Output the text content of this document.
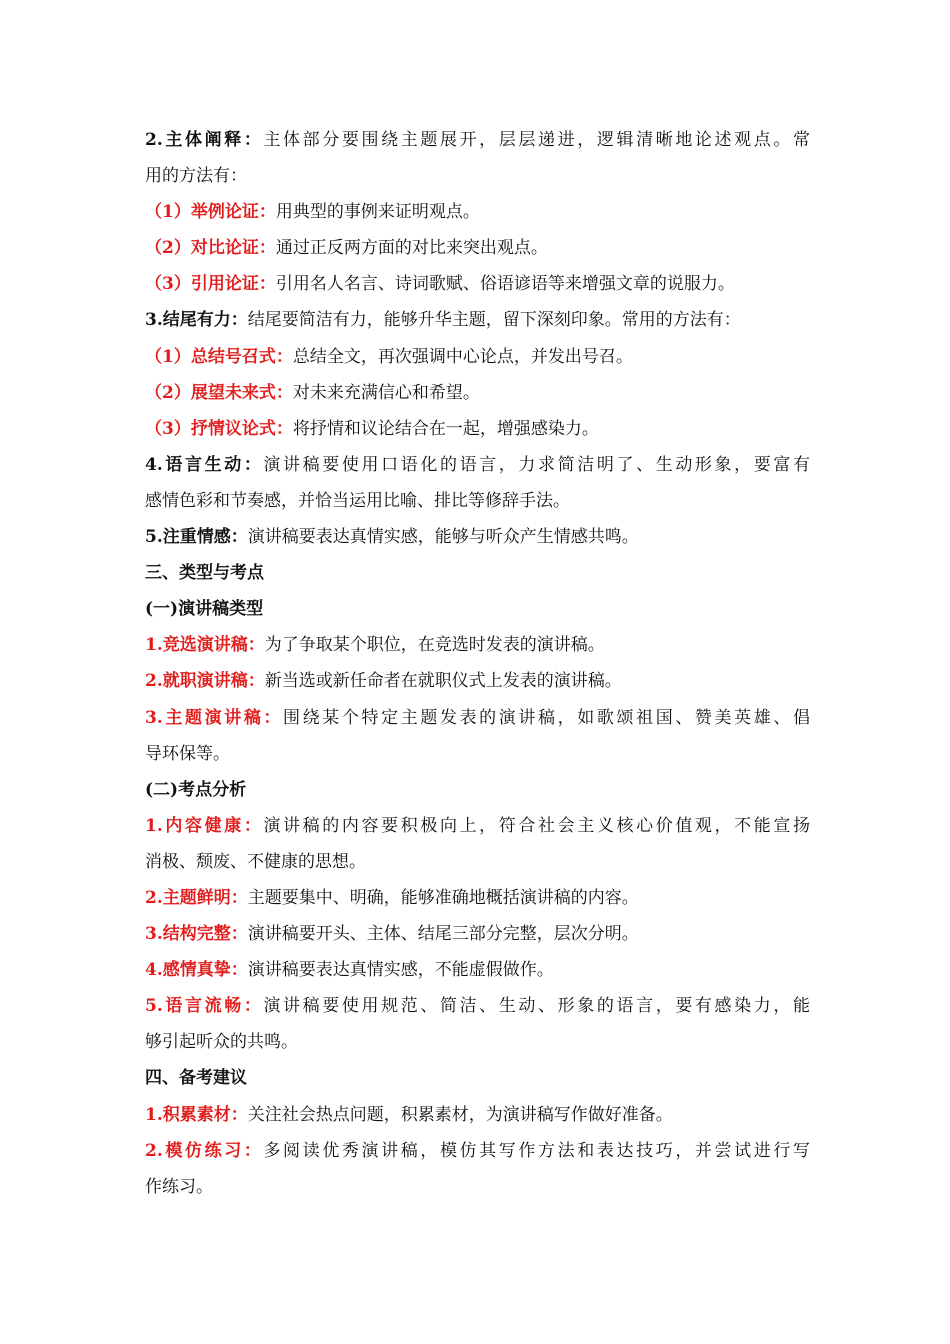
2.主体阐释：主体部分要围绕主题展开，层层递进，逻辑清晰地论述观点。常
用的方法有：
（1）举例论证：用典型的事例来证明观点。
（2）对比论证：通过正反两方面的对比来突出观点。
（3）引用论证：引用名人名言、诗词歌赋、俗语谚语等来增强文章的说服力。
3.结尾有力：结尾要简洁有力，能够升华主题，留下深刻印象。常用的方法有：
（1）总结号召式：总结全文，再次强调中心论点，并发出号召。
（2）展望未来式：对未来充满信心和希望。
（3）抒情议论式：将抒情和议论结合在一起，增强感染力。
4.语言生动：演讲稿要使用口语化的语言，力求简洁明了、生动形象，要富有
感情色彩和节奏感，并恰当运用比喻、排比等修辞手法。
5.注重情感：演讲稿要表达真情实感，能够与听众产生情感共鸣。
三、类型与考点
(一)演讲稿类型
1.竞选演讲稿：为了争取某个职位，在竞选时发表的演讲稿。
2.就职演讲稿：新当选或新任命者在就职仪式上发表的演讲稿。
3.主题演讲稿：围绕某个特定主题发表的演讲稿，如歌颂祖国、赞美英雄、倡
导环保等。
(二)考点分析
1.内容健康：演讲稿的内容要积极向上，符合社会主义核心价值观，不能宣扬
消极、颓废、不健康的思想。
2.主题鲜明：主题要集中、明确，能够准确地概括演讲稿的内容。
3.结构完整：演讲稿要开头、主体、结尾三部分完整，层次分明。
4.感情真挚：演讲稿要表达真情实感，不能虚假做作。
5.语言流畅：演讲稿要使用规范、简洁、生动、形象的语言，要有感染力，能
够引起听众的共鸣。
四、备考建议
1.积累素材：关注社会热点问题，积累素材，为演讲稿写作做好准备。
2.模仿练习：多阅读优秀演讲稿，模仿其写作方法和表达技巧，并尝试进行写
作练习。
